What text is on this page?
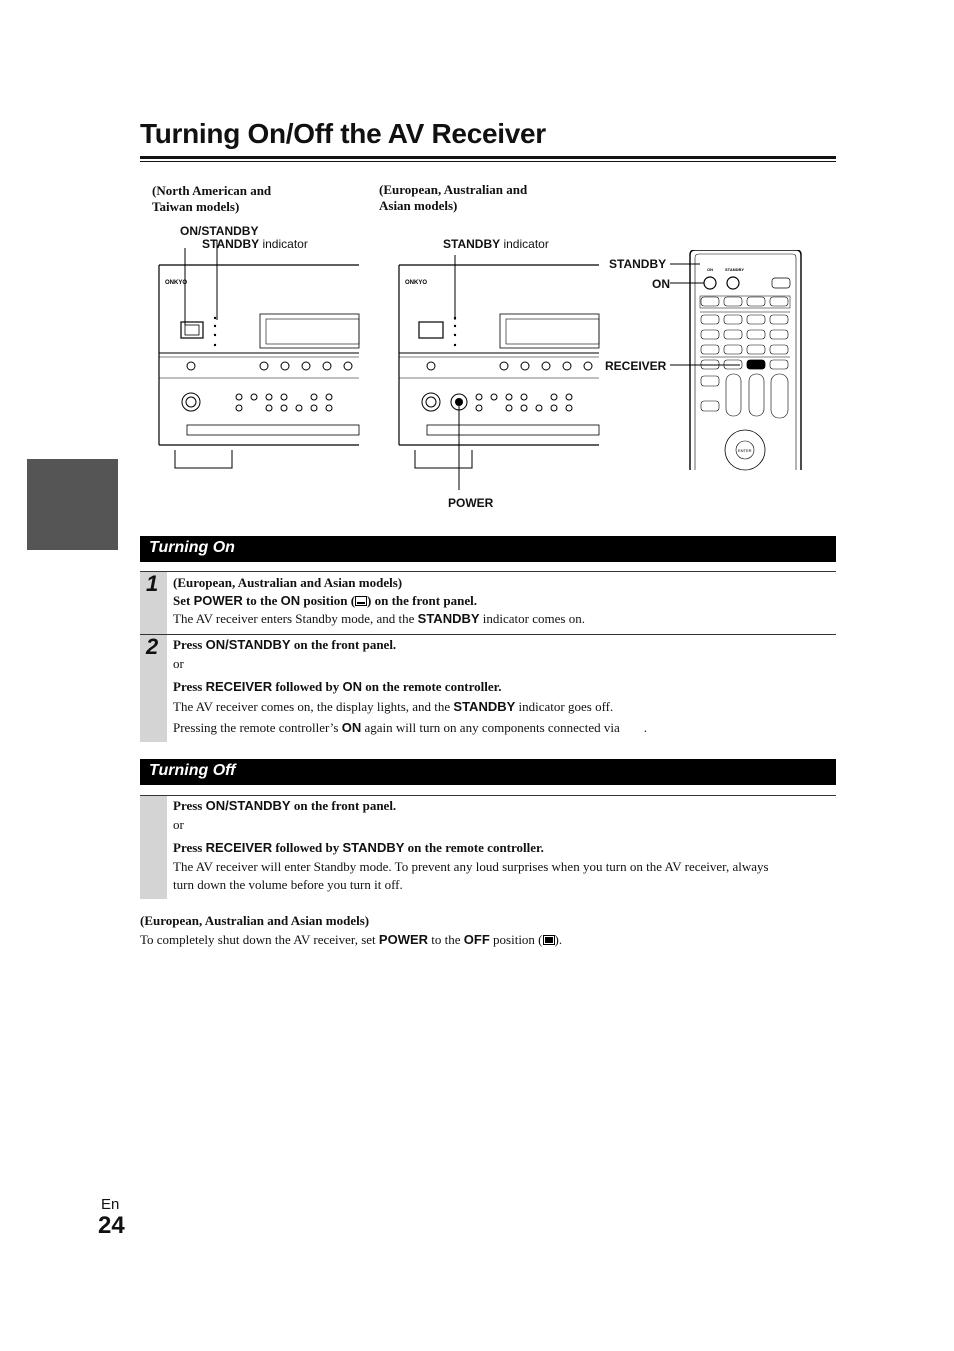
Turning On/Off the AV Receiver
(North American and
Taiwan models)
(European, Australian and
Asian models)
ON/STANDBY
STANDBY indicator	STANDBY indicator
POWER
STANDBY
ON
RECEIVER
ONKYO	ONKYO
ON	STANDBY
ENTER
Turning On
1 (European, Australian and Asian models)
Set POWER to the ON position ( ) on the front panel.
The AV receiver enters Standby mode, and the STANDBY indicator comes on.
2 Press ON/STANDBY on the front panel.
or
Press RECEIVER followed by ON on the remote controller.
The AV receiver comes on, the display lights, and the STANDBY indicator goes off.
Pressing the remote controller’s ON again will turn on any components connected via .
Turning Off
Press ON/STANDBY on the front panel.
or
Press RECEIVER followed by STANDBY on the remote controller.
The AV receiver will enter Standby mode. To prevent any loud surprises when you turn on the AV receiver, always
turn down the volume before you turn it off.
(European, Australian and Asian models)
To completely shut down the AV receiver, set POWER to the OFF position ( ).
En
24
